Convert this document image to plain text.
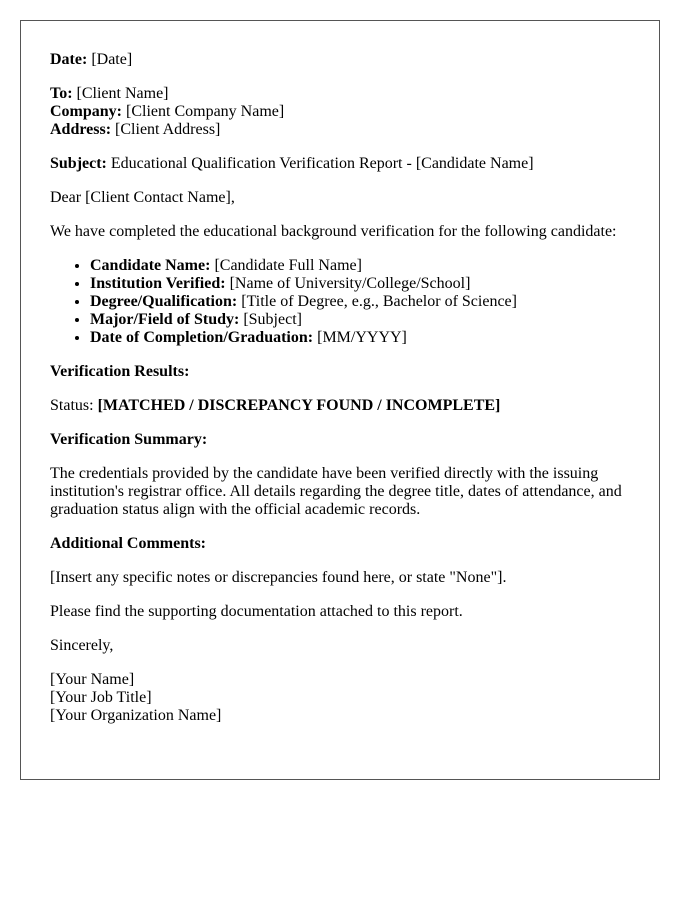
Date: [Date]
To: [Client Name]
Company: [Client Company Name]
Address: [Client Address]
Subject: Educational Qualification Verification Report - [Candidate Name]
Dear [Client Contact Name],
We have completed the educational background verification for the following candidate:
• Candidate Name: [Candidate Full Name]
• Institution Verified: [Name of University/College/School]
• Degree/Qualification: [Title of Degree, e.g., Bachelor of Science]
• Major/Field of Study: [Subject]
• Date of Completion/Graduation: [MM/YYYY]
Verification Results:
Status: [MATCHED / DISCREPANCY FOUND / INCOMPLETE]
Verification Summary:
The credentials provided by the candidate have been verified directly with the issuing institution's registrar office. All details regarding the degree title, dates of attendance, and graduation status align with the official academic records.
Additional Comments:
[Insert any specific notes or discrepancies found here, or state "None"].
Please find the supporting documentation attached to this report.
Sincerely,
[Your Name]
[Your Job Title]
[Your Organization Name]
